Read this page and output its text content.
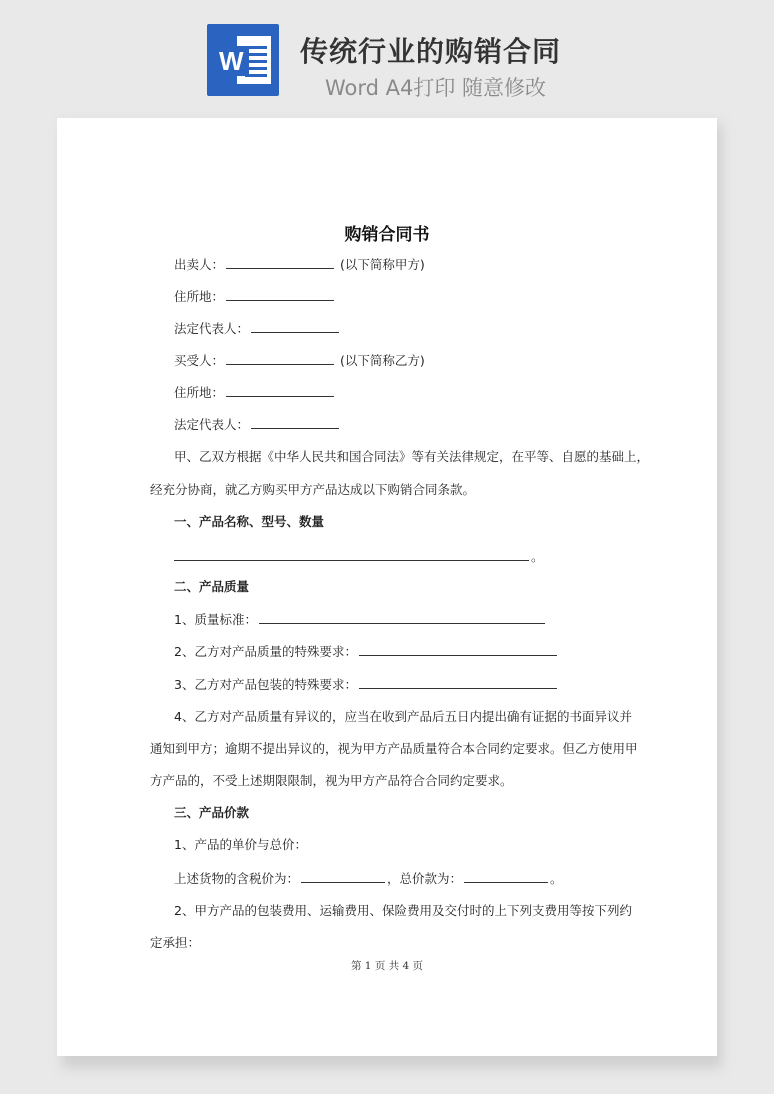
W 传统行业的购销合同
Word A4打印 随意修改
购销合同书
出卖人：	(以下简称甲方)
住所地：
法定代表人：
买受人：	(以下简称乙方)
住所地：
法定代表人：
甲、乙双方根据《中华人民共和国合同法》等有关法律规定，在平等、自愿的基础上，
经充分协商，就乙方购买甲方产品达成以下购销合同条款。
一、产品名称、型号、数量
。
二、产品质量
1、质量标准：
2、乙方对产品质量的特殊要求：
3、乙方对产品包装的特殊要求：
4、乙方对产品质量有异议的，应当在收到产品后五日内提出确有证据的书面异议并
通知到甲方；逾期不提出异议的，视为甲方产品质量符合本合同约定要求。但乙方使用甲
方产品的，不受上述期限限制，视为甲方产品符合合同约定要求。
三、产品价款
1、产品的单价与总价：
上述货物的含税价为：	，总价款为：	。
2、甲方产品的包装费用、运输费用、保险费用及交付时的上下列支费用等按下列约
定承担：
第 1 页 共 4 页
